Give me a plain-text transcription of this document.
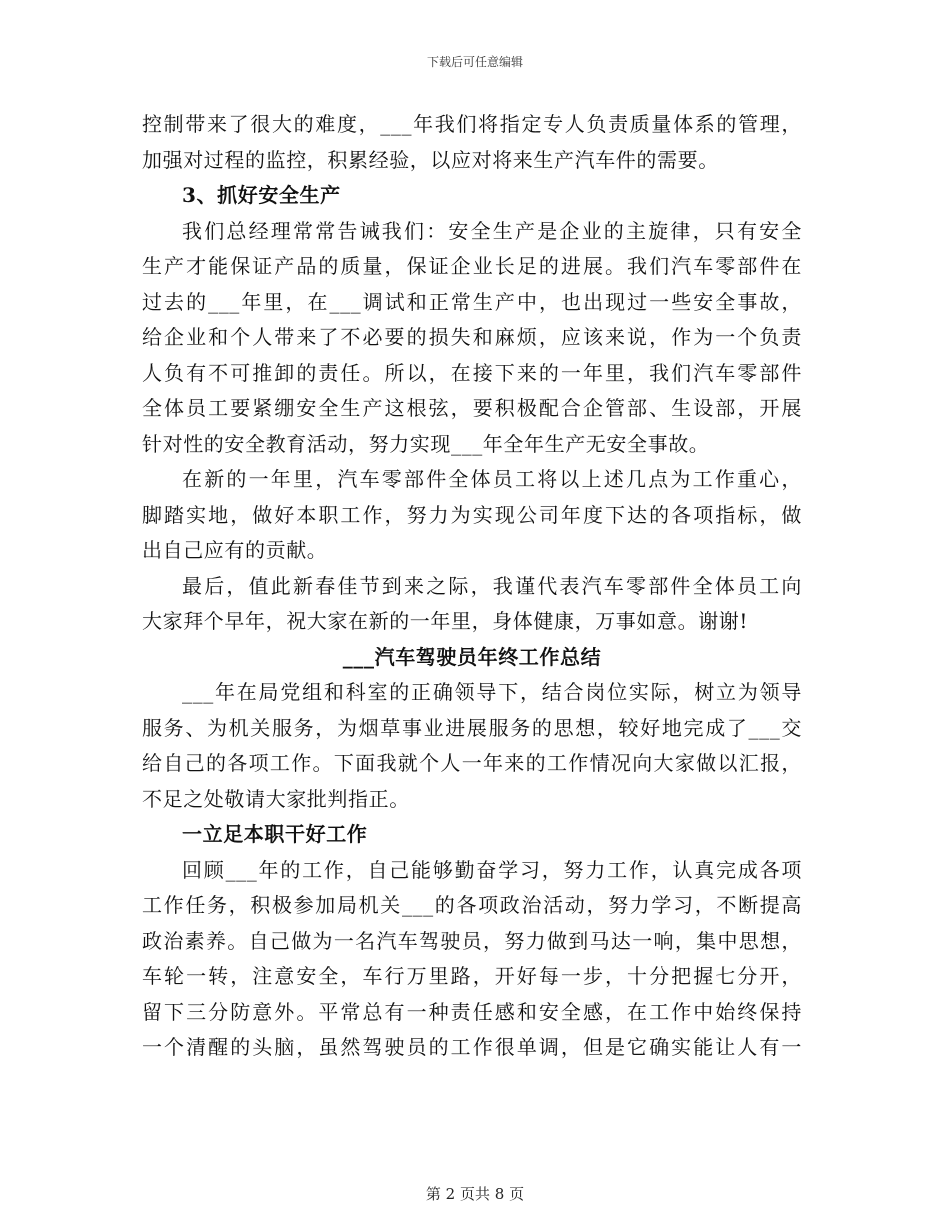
下载后可任意编辑

控制带来了很大的难度，___年我们将指定专人负责质量体系的管理，
加强对过程的监控，积累经验，以应对将来生产汽车件的需要。

3、抓好安全生产

我们总经理常常告诫我们：安全生产是企业的主旋律，只有安全
生产才能保证产品的质量，保证企业长足的进展。我们汽车零部件在
过去的___年里，在___调试和正常生产中，也出现过一些安全事故，
给企业和个人带来了不必要的损失和麻烦，应该来说，作为一个负责
人负有不可推卸的责任。所以，在接下来的一年里，我们汽车零部件
全体员工要紧绷安全生产这根弦，要积极配合企管部、生设部，开展
针对性的安全教育活动，努力实现___年全年生产无安全事故。

在新的一年里，汽车零部件全体员工将以上述几点为工作重心，
脚踏实地，做好本职工作，努力为实现公司年度下达的各项指标，做
出自己应有的贡献。

最后，值此新春佳节到来之际，我谨代表汽车零部件全体员工向
大家拜个早年，祝大家在新的一年里，身体健康，万事如意。谢谢!

___汽车驾驶员年终工作总结

___年在局党组和科室的正确领导下，结合岗位实际，树立为领导
服务、为机关服务，为烟草事业进展服务的思想，较好地完成了___交
给自己的各项工作。下面我就个人一年来的工作情况向大家做以汇报，
不足之处敬请大家批判指正。

一立足本职干好工作

回顾___年的工作，自己能够勤奋学习，努力工作，认真完成各项
工作任务，积极参加局机关___的各项政治活动，努力学习，不断提高
政治素养。自己做为一名汽车驾驶员，努力做到马达一响，集中思想，
车轮一转，注意安全，车行万里路，开好每一步，十分把握七分开，
留下三分防意外。平常总有一种责任感和安全感，在工作中始终保持
一个清醒的头脑，虽然驾驶员的工作很单调，但是它确实能让人有一

第 2 页共 8 页
